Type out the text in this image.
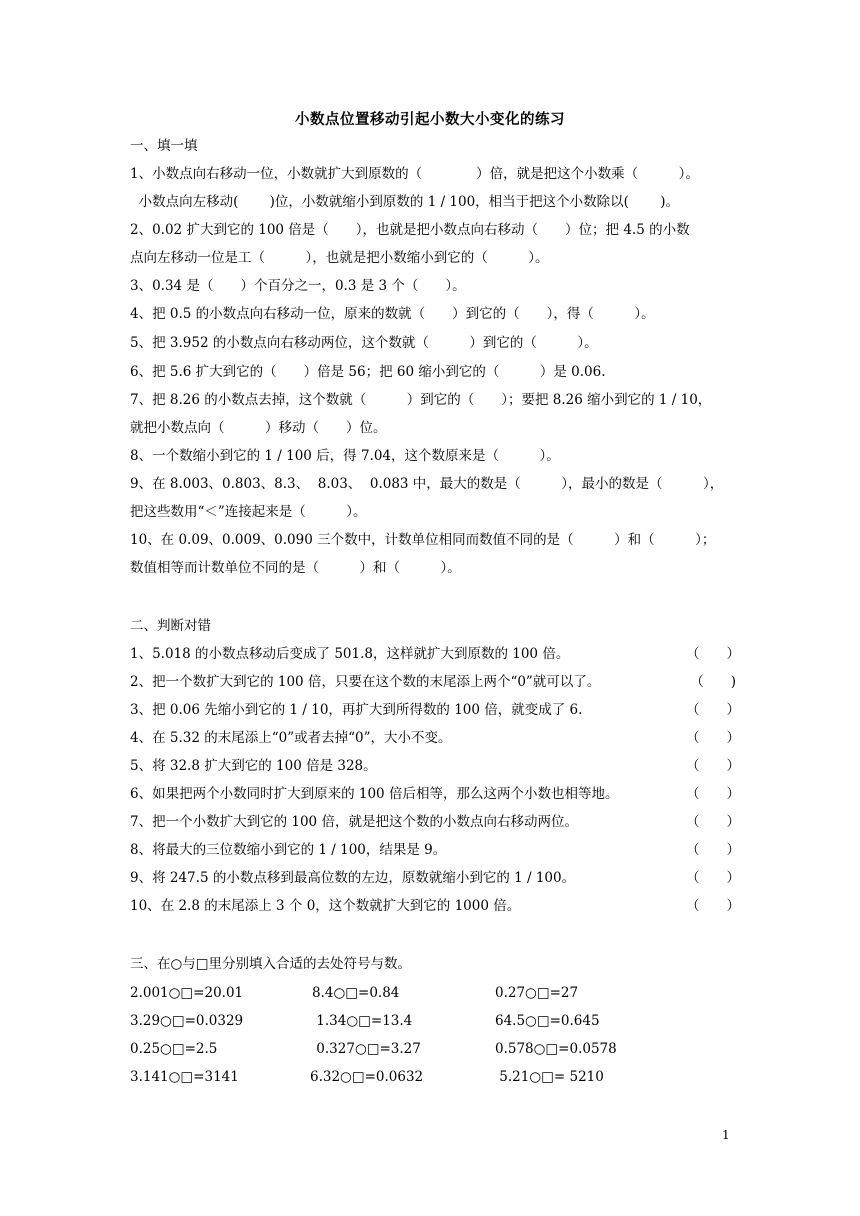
小数点位置移动引起小数大小变化的练习
一、填一填
1、小数点向右移动一位，小数就扩大到原数的（　　　　）倍，就是把这个小数乘（　　　）。
小数点向左移动(　　 )位，小数就缩小到原数的 1 / 100，相当于把这个小数除以(　　 )。
2、0.02 扩大到它的 100 倍是（　　），也就是把小数点向右移动（　　）位；把 4.5 的小数
点向左移动一位是工（　　　），也就是把小数缩小到它的（　　　）。
3、0.34 是（　　）个百分之一，0.3 是 3 个（　　）。
4、把 0.5 的小数点向右移动一位，原来的数就（　　）到它的（　　），得（　　　）。
5、把 3.952 的小数点向右移动两位，这个数就（　　　）到它的（　　　）。
6、把 5.6 扩大到它的（　　）倍是 56；把 60 缩小到它的（　　　）是 0.06.
7、把 8.26 的小数点去掉，这个数就（　　　）到它的（　　）；要把 8.26 缩小到它的 1 / 10，
就把小数点向（　　　）移动（　　）位。
8、一个数缩小到它的 1 / 100 后，得 7.04，这个数原来是（　　　）。
9、在 8.003、0.803、8.3、  8.03、  0.083 中，最大的数是（　　　），最小的数是（　　　），
把这些数用“＜”连接起来是（　　　）。
10、在 0.09、0.009、0.090 三个数中，计数单位相同而数值不同的是（　　　）和（　　　）；
数值相等而计数单位不同的是（　　　）和（　　　）。
二、判断对错
1、5.018 的小数点移动后变成了 501.8，这样就扩大到原数的 100 倍。	（　　）
2、把一个数扩大到它的 100 倍，只要在这个数的末尾添上两个“0”就可以了。	（　　)
3、把 0.06 先缩小到它的 1 / 10，再扩大到所得数的 100 倍，就变成了 6.	（　　）
4、在 5.32 的末尾添上“0”或者去掉“0”，大小不变。	（　　）
5、将 32.8 扩大到它的 100 倍是 328。	（　　）
6、如果把两个小数同时扩大到原来的 100 倍后相等，那么这两个小数也相等地。	（　　）
7、把一个小数扩大到它的 100 倍，就是把这个数的小数点向右移动两位。	（　　）
8、将最大的三位数缩小到它的 1 / 100，结果是 9。	（　　）
9、将 247.5 的小数点移到最高位数的左边，原数就缩小到它的 1 / 100。	（　　）
10、在 2.8 的末尾添上 3 个 0，这个数就扩大到它的 1000 倍。	（　　）
三、在○与□里分别填入合适的去处符号与数。
2.001○□=20.01	8.4○□=0.84	0.27○□=27
3.29○□=0.0329	1.34○□=13.4	64.5○□=0.645
0.25○□=2.5	0.327○□=3.27	0.578○□=0.0578
3.141○□=3141	6.32○□=0.0632	5.21○□= 5210
1
